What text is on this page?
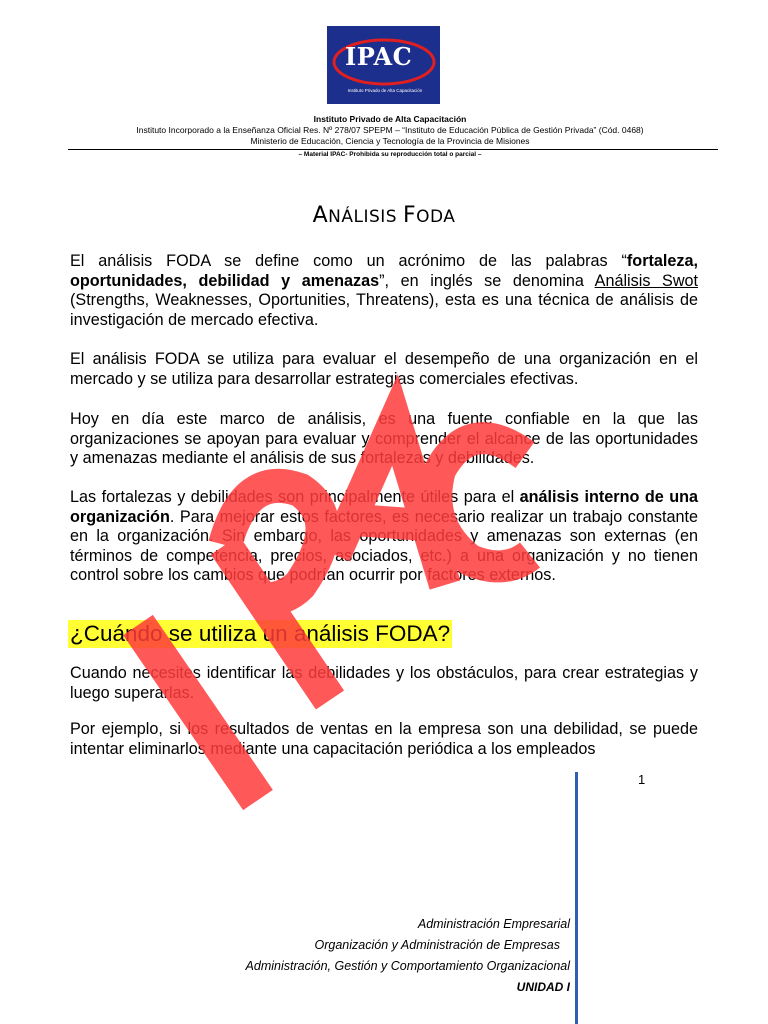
IPAC
Instituto Privado de Alta Capacitación
Instituto Privado de Alta Capacitación
Instituto Incorporado a la Enseñanza Oficial Res. Nº 278/07 SPEPM – “Instituto de Educación Pública de Gestión Privada” (Cód. 0468)
Ministerio de Educación, Ciencia y Tecnología de la Provincia de Misiones
– Material IPAC- Prohibida su reproducción total o parcial –
ANÁLISIS FODA

El análisis FODA se define como un acrónimo de las palabras “fortaleza, oportunidades, debilidad y amenazas”, en inglés se denomina Análisis Swot (Strengths, Weaknesses, Oportunities, Threatens), esta es una técnica de análisis de investigación de mercado efectiva.

El análisis FODA se utiliza para evaluar el desempeño de una organización en el mercado y se utiliza para desarrollar estrategias comerciales efectivas.

Hoy en día este marco de análisis, es una fuente confiable en la que las organizaciones se apoyan para evaluar y comprender el alcance de las oportunidades y amenazas mediante el análisis de sus fortalezas y debilidades.

Las fortalezas y debilidades son principalmente útiles para el análisis interno de una organización. Para mejorar estos factores, es necesario realizar un trabajo constante en la organización. Sin embargo, las oportunidades y amenazas son externas (en términos de competencia, precios, asociados, etc.) a una organización y no tienen control sobre los cambios que podrían ocurrir por factores externos.

¿Cuándo se utiliza un análisis FODA?

Cuando necesites identificar las debilidades y los obstáculos, para crear estrategias y luego superarlas.

Por ejemplo, si los resultados de ventas en la empresa son una debilidad, se puede intentar eliminarlos mediante una capacitación periódica a los empleados

1
Administración Empresarial
Organización y Administración de Empresas
Administración, Gestión y Comportamiento Organizacional
UNIDAD I
